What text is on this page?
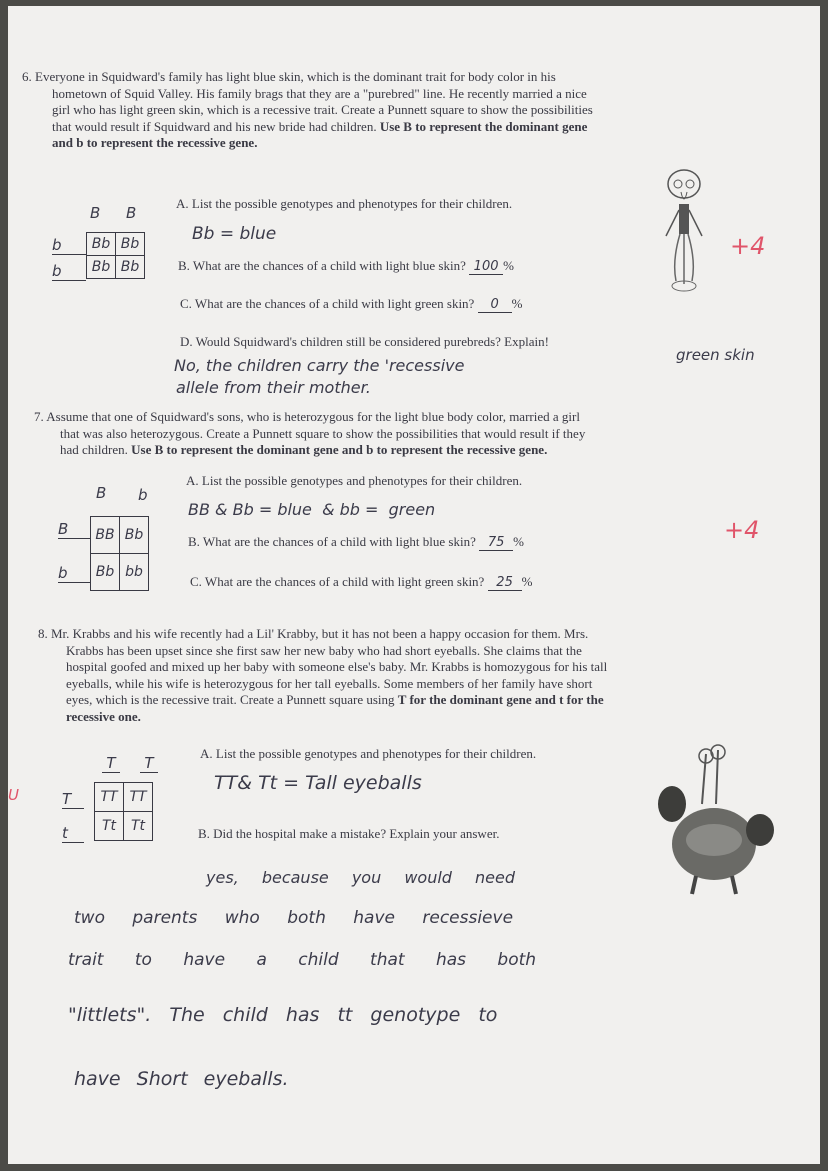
6. Everyone in Squidward's family has light blue skin, which is the dominant trait for body color in his
hometown of Squid Valley. His family brags that they are a "purebred" line. He recently married a nice
girl who has light green skin, which is a recessive trait. Create a Punnett square to show the possibilities
that would result if Squidward and his new bride had children. Use B to represent the dominant gene
and b to represent the recessive gene.
B B
b
b
Bb	Bb
Bb	Bb
A. List the possible genotypes and phenotypes for their children.
Bb = blue
B. What are the chances of a child with light blue skin? 100 %
C. What are the chances of a child with light green skin? 0 %
D. Would Squidward's children still be considered purebreds? Explain!
No, the children carry the 'recessive
green skin
allele from their mother.
+4
7. Assume that one of Squidward's sons, who is heterozygous for the light blue body color, married a girl
that was also heterozygous. Create a Punnett square to show the possibilities that would result if they
had children. Use B to represent the dominant gene and b to represent the recessive gene.
B b
B
b
BB	Bb
Bb	bb
A. List the possible genotypes and phenotypes for their children.
BB & Bb = blue  & bb =  green
B. What are the chances of a child with light blue skin? 75 %
C. What are the chances of a child with light green skin? 25 %
+4
8. Mr. Krabbs and his wife recently had a Lil' Krabby, but it has not been a happy occasion for them. Mrs.
Krabbs has been upset since she first saw her new baby who had short eyeballs. She claims that the
hospital goofed and mixed up her baby with someone else's baby. Mr. Krabbs is homozygous for his tall
eyeballs, while his wife is heterozygous for her tall eyeballs. Some members of her family have short
eyes, which is the recessive trait. Create a Punnett square using T for the dominant gene and t for the
recessive one.
U
T T
T
t
TT	TT
Tt	Tt
A. List the possible genotypes and phenotypes for their children.
TT& Tt = Tall eyeballs
B. Did the hospital make a mistake? Explain your answer.
yes, because you would need
two parents who both have recessieve
trait to have a child that has both
"littlets". The child has tt genotype to
have Short eyeballs.
